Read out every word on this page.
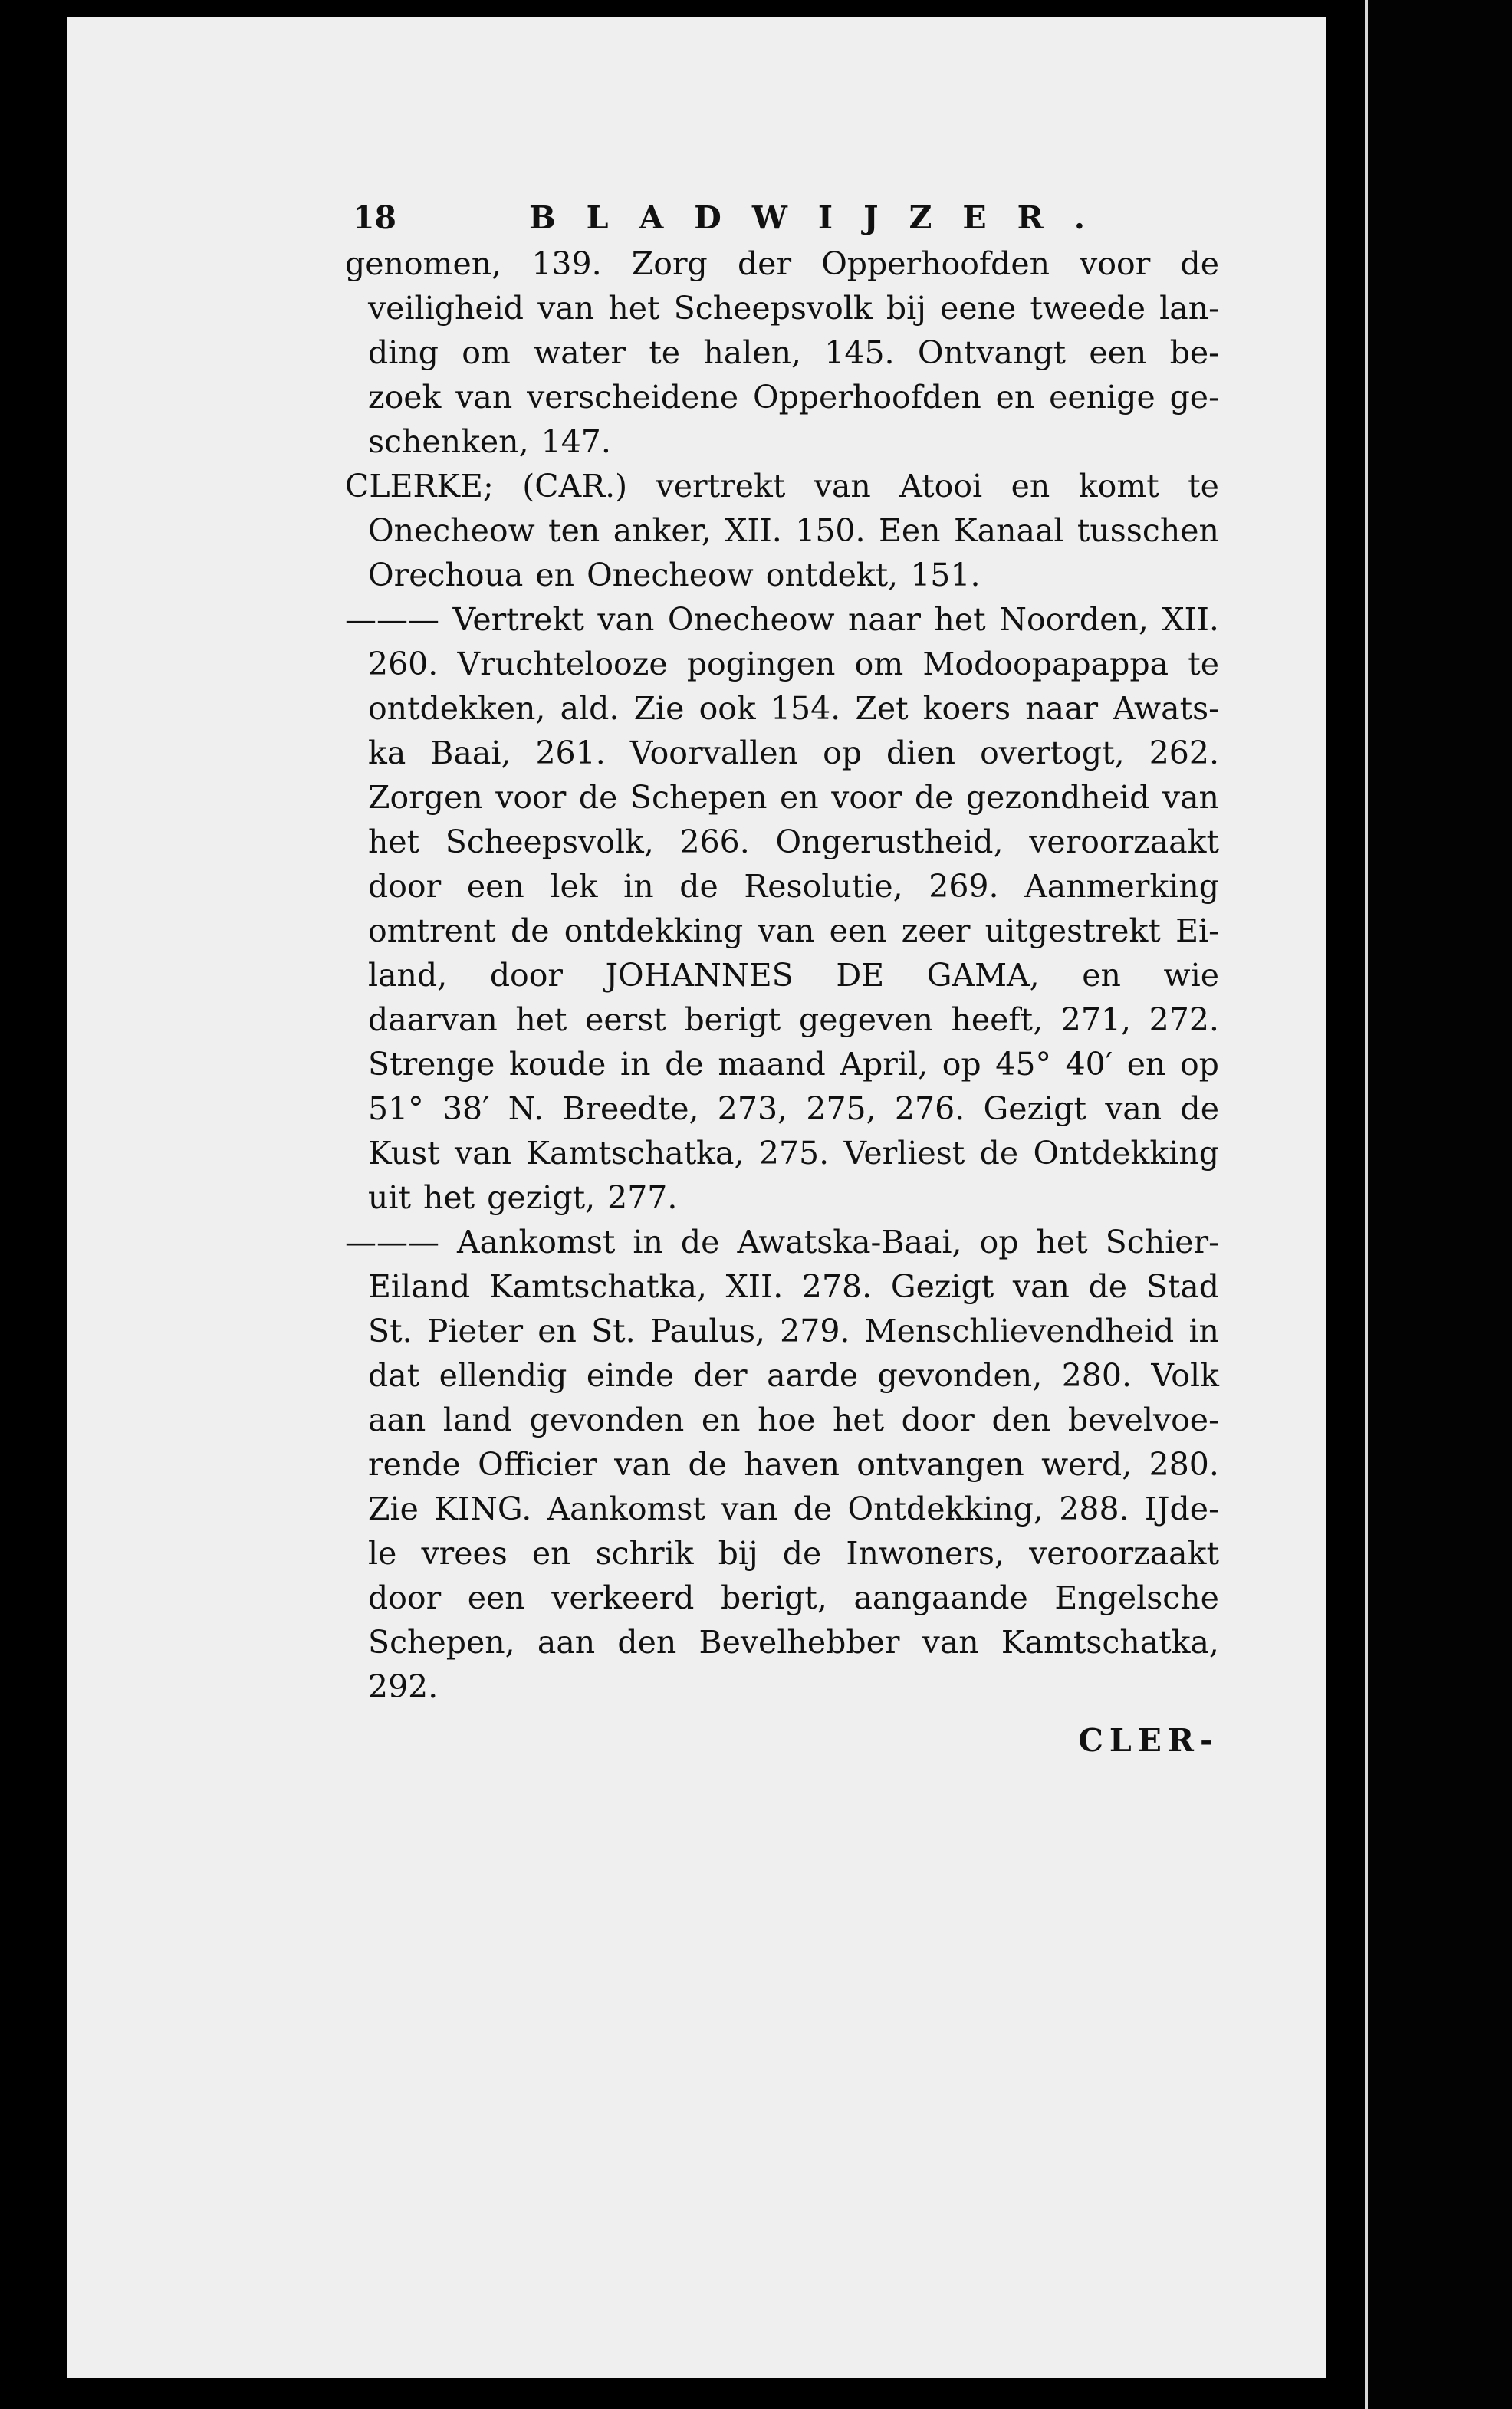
18	BLADWIJZER.
genomen, 139. Zorg der Opperhoofden voor de
veiligheid van het Scheepsvolk bij eene tweede lan-
ding om water te halen, 145. Ontvangt een be-
zoek van verscheidene Opperhoofden en eenige ge-
schenken, 147.
CLERKE; (CAR.) vertrekt van Atooi en komt te
Onecheow ten anker, XII. 150. Een Kanaal tusschen
Orechoua en Onecheow ontdekt, 151.
——— Vertrekt van Onecheow naar het Noorden, XII.
260. Vruchtelooze pogingen om Modoopapappa te
ontdekken, ald. Zie ook 154. Zet koers naar Awats-
ka Baai, 261. Voorvallen op dien overtogt, 262.
Zorgen voor de Schepen en voor de gezondheid van
het Scheepsvolk, 266. Ongerustheid, veroorzaakt
door een lek in de Resolutie, 269. Aanmerking
omtrent de ontdekking van een zeer uitgestrekt Ei-
land, door JOHANNES DE GAMA, en wie
daarvan het eerst berigt gegeven heeft, 271, 272.
Strenge koude in de maand April, op 45° 40′ en op
51° 38′ N. Breedte, 273, 275, 276. Gezigt van de
Kust van Kamtschatka, 275. Verliest de Ontdekking
uit het gezigt, 277.
——— Aankomst in de Awatska-Baai, op het Schier-
Eiland Kamtschatka, XII. 278. Gezigt van de Stad
St. Pieter en St. Paulus, 279. Menschlievendheid in
dat ellendig einde der aarde gevonden, 280. Volk
aan land gevonden en hoe het door den bevelvoe-
rende Officier van de haven ontvangen werd, 280.
Zie KING. Aankomst van de Ontdekking, 288. IJde-
le vrees en schrik bij de Inwoners, veroorzaakt
door een verkeerd berigt, aangaande Engelsche
Schepen, aan den Bevelhebber van Kamtschatka,
292.
CLER-
